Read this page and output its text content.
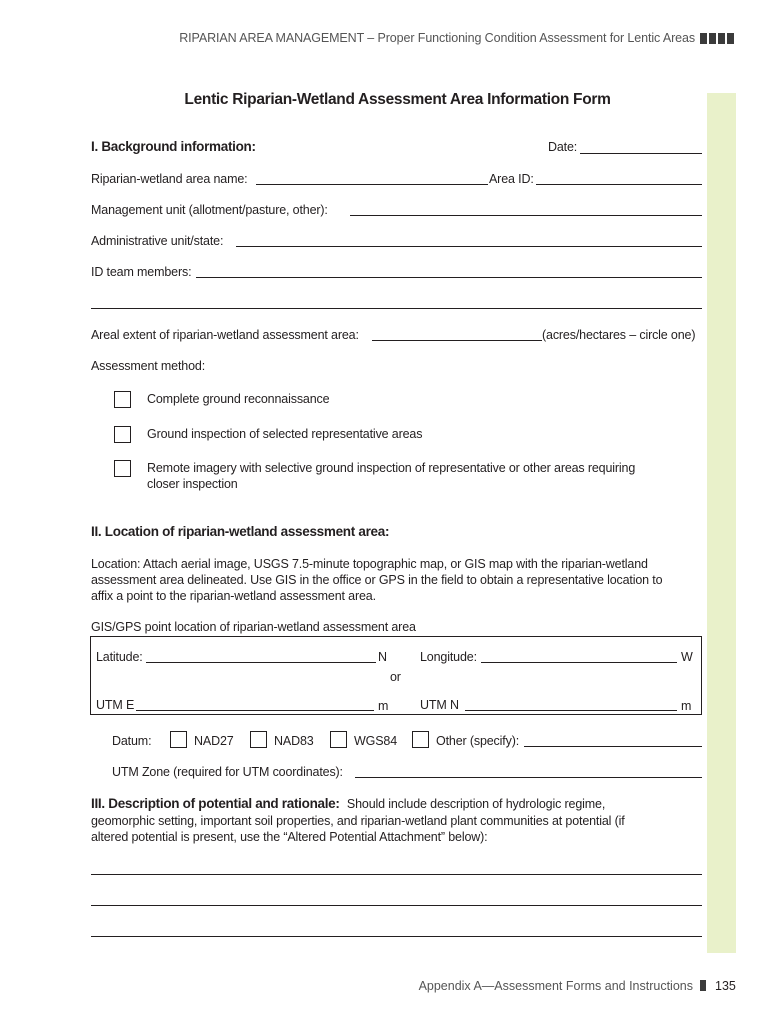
RIPARIAN AREA MANAGEMENT – Proper Functioning Condition Assessment for Lentic Areas
Lentic Riparian-Wetland Assessment Area Information Form
I. Background information:	Date:
Riparian-wetland area name:	Area ID:
Management unit (allotment/pasture, other):
Administrative unit/state:
ID team members:
Areal extent of riparian-wetland assessment area:	(acres/hectares – circle one)
Assessment method:
Complete ground reconnaissance
Ground inspection of selected representative areas
Remote imagery with selective ground inspection of representative or other areas requiring
closer inspection
II. Location of riparian-wetland assessment area:
Location: Attach aerial image, USGS 7.5-minute topographic map, or GIS map with the riparian-wetland
assessment area delineated. Use GIS in the office or GPS in the field to obtain a representative location to
affix a point to the riparian-wetland assessment area.
GIS/GPS point location of riparian-wetland assessment area
Latitude:	N	Longitude:	W
or
UTM E	m	UTM N	m
Datum:	NAD27	NAD83	WGS84	Other (specify):
UTM Zone (required for UTM coordinates):
III. Description of potential and rationale: Should include description of hydrologic regime,
geomorphic setting, important soil properties, and riparian-wetland plant communities at potential (if
altered potential is present, use the “Altered Potential Attachment” below):
Appendix A—Assessment Forms and Instructions 135
